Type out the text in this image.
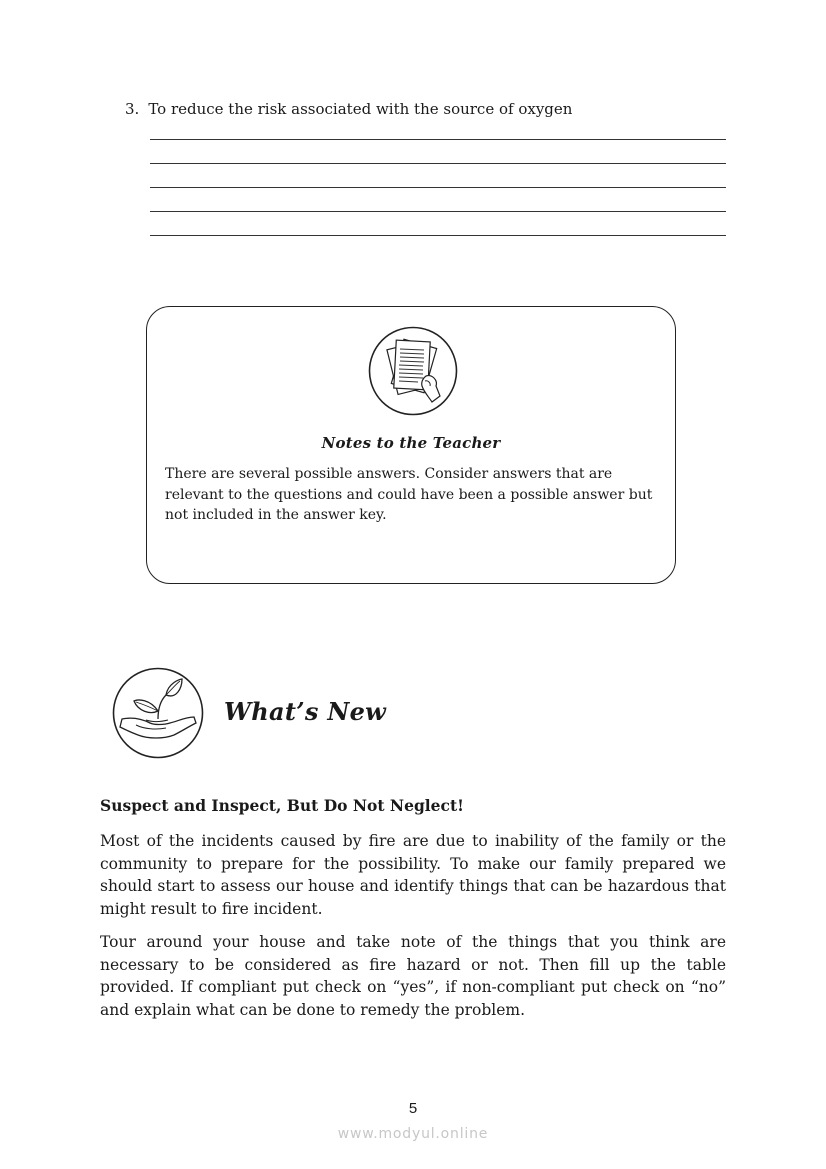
3. To reduce the risk associated with the source of oxygen
Notes to the Teacher
There are several possible answers. Consider answers that are relevant to the questions and could have been a possible answer but not included in the answer key.
What’s New
Suspect and Inspect, But Do Not Neglect!

Most of the incidents caused by fire are due to inability of the family or the community to prepare for the possibility. To make our family prepared we should start to assess our house and identify things that can be hazardous that might result to fire incident.

Tour around your house and take note of the things that you think are necessary to be considered as fire hazard or not. Then fill up the table provided. If compliant put check on “yes”, if non-compliant put check on “no” and explain what can be done to remedy the problem.

5
www.modyul.online
